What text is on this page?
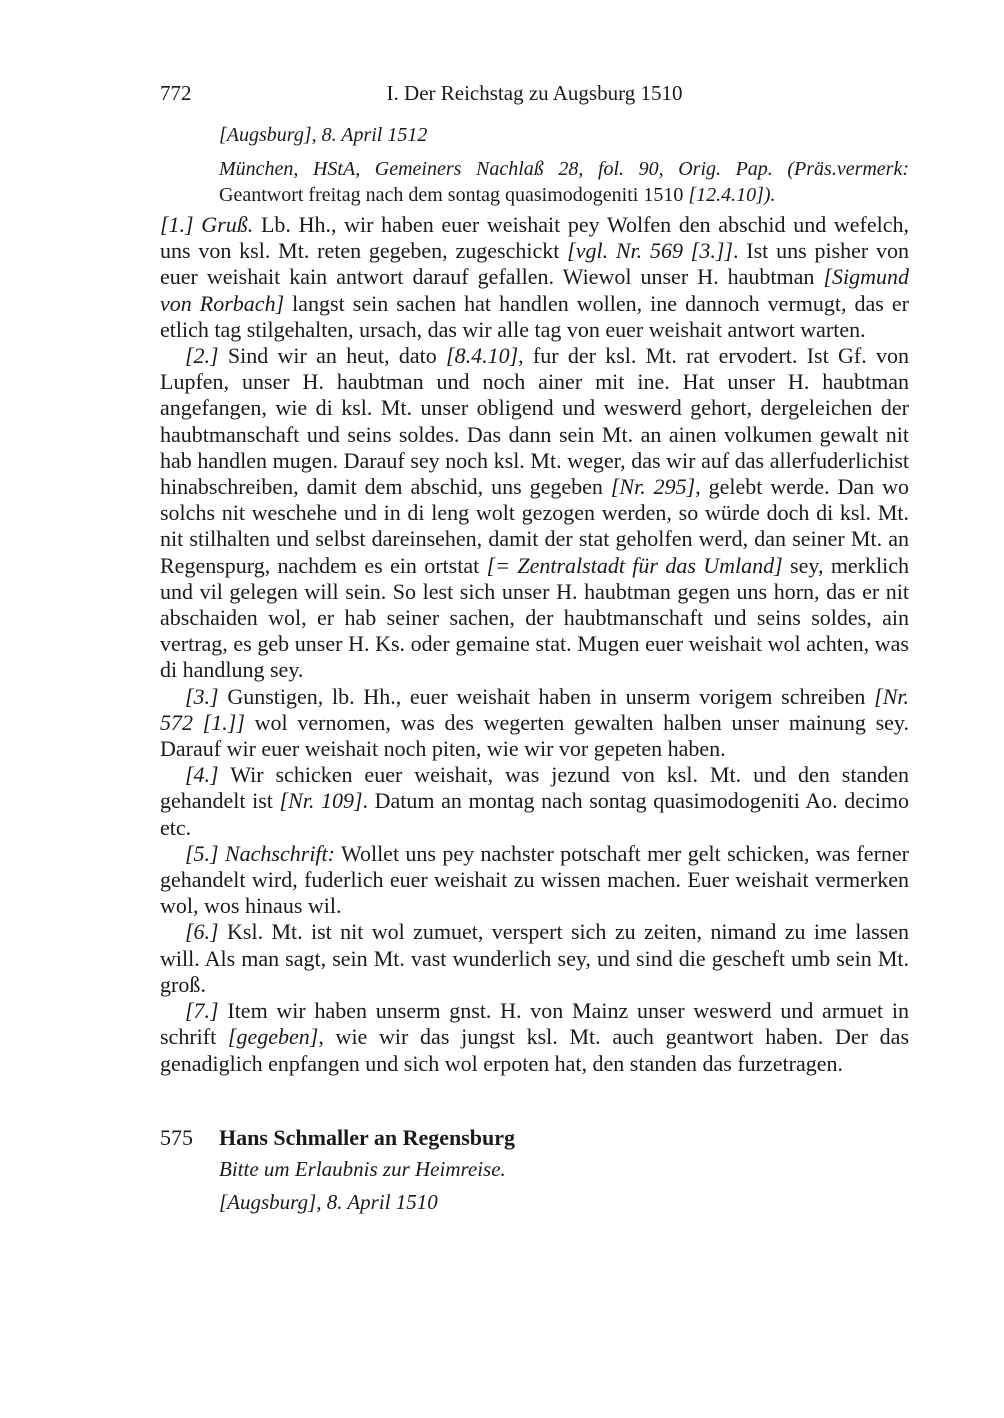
772	I. Der Reichstag zu Augsburg 1510
[Augsburg], 8. April 1512
München, HStA, Gemeiners Nachlaß 28, fol. 90, Orig. Pap. (Präs.vermerk: Geantwort freitag nach dem sontag quasimodogeniti 1510 [12.4.10]).

[1.] Gruß. Lb. Hh., wir haben euer weishait pey Wolfen den abschid und wefelch, uns von ksl. Mt. reten gegeben, zugeschickt [vgl. Nr. 569 [3.]]. Ist uns pisher von euer weishait kain antwort darauf gefallen. Wiewol unser H. haubtman [Sigmund von Rorbach] langst sein sachen hat handlen wollen, ine dannoch vermugt, das er etlich tag stilgehalten, ursach, das wir alle tag von euer weishait antwort warten.

[2.] Sind wir an heut, dato [8.4.10], fur der ksl. Mt. rat ervodert. Ist Gf. von Lupfen, unser H. haubtman und noch ainer mit ine. Hat unser H. haubtman angefangen, wie di ksl. Mt. unser obligend und weswerd gehort, dergeleichen der haubtmanschaft und seins soldes. Das dann sein Mt. an ainen volkumen gewalt nit hab handlen mugen. Darauf sey noch ksl. Mt. weger, das wir auf das allerfuderlichist hinabschreiben, damit dem abschid, uns gegeben [Nr. 295], gelebt werde. Dan wo solchs nit weschehe und in di leng wolt gezogen werden, so würde doch di ksl. Mt. nit stilhalten und selbst dareinsehen, damit der stat geholfen werd, dan seiner Mt. an Regenspurg, nachdem es ein ortstat [= Zentralstadt für das Umland] sey, merklich und vil gelegen will sein. So lest sich unser H. haubtman gegen uns horn, das er nit abschaiden wol, er hab seiner sachen, der haubtmanschaft und seins soldes, ain vertrag, es geb unser H. Ks. oder gemaine stat. Mugen euer weishait wol achten, was di handlung sey.

[3.] Gunstigen, lb. Hh., euer weishait haben in unserm vorigem schreiben [Nr. 572 [1.]] wol vernomen, was des wegerten gewalten halben unser mainung sey. Darauf wir euer weishait noch piten, wie wir vor gepeten haben.

[4.] Wir schicken euer weishait, was jezund von ksl. Mt. und den standen gehandelt ist [Nr. 109]. Datum an montag nach sontag quasimodogeniti Ao. decimo etc.

[5.] Nachschrift: Wollet uns pey nachster potschaft mer gelt schicken, was ferner gehandelt wird, fuderlich euer weishait zu wissen machen. Euer weishait vermerken wol, wos hinaus wil.

[6.] Ksl. Mt. ist nit wol zumuet, verspert sich zu zeiten, nimand zu ime lassen will. Als man sagt, sein Mt. vast wunderlich sey, und sind die gescheft umb sein Mt. groß.

[7.] Item wir haben unserm gnst. H. von Mainz unser weswerd und armuet in schrift [gegeben], wie wir das jungst ksl. Mt. auch geantwort haben. Der das genadiglich enpfangen und sich wol erpoten hat, den standen das furzetragen.

575 Hans Schmaller an Regensburg
Bitte um Erlaubnis zur Heimreise.
[Augsburg], 8. April 1510
